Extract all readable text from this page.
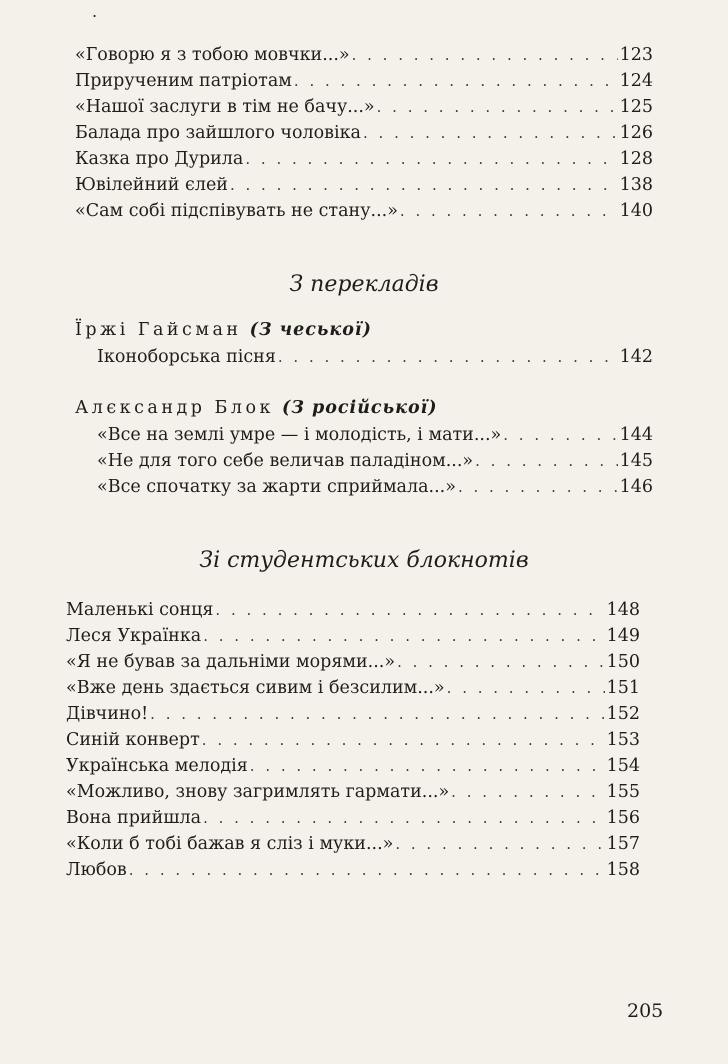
.
«Говорю я з тобою мовчки...» . . .	123
Прирученим патріотам . . .	124
«Нашої заслуги в тім не бачу...» . . .	125
Балада про зайшлого чоловіка . . .	126
Казка про Дурила . . .	128
Ювілейний єлей . . .	138
«Сам собі підспівувать не стану...» . . .	140
З перекладів
Їржі Гайсман (З чеської)
Іконоборська пісня . . .	142
Алєксандр Блок (З російської)
«Все на землі умре — і молодість, і мати...» . . .	144
«Не для того себе величав паладіном...» . . .	145
«Все спочатку за жарти сприймала...» . . .	146
Зі студентських блокнотів
Маленькі сонця . . .	148
Леся Українка . . .	149
«Я не бував за дальніми морями...» . . .	150
«Вже день здається сивим і безсилим...» . . .	151
Дівчино! . . .	152
Синій конверт . . .	153
Українська мелодія . . .	154
«Можливо, знову загримлять гармати...» . . .	155
Вона прийшла . . .	156
«Коли б тобі бажав я сліз і муки...» . . .	157
Любов . . .	158
205
